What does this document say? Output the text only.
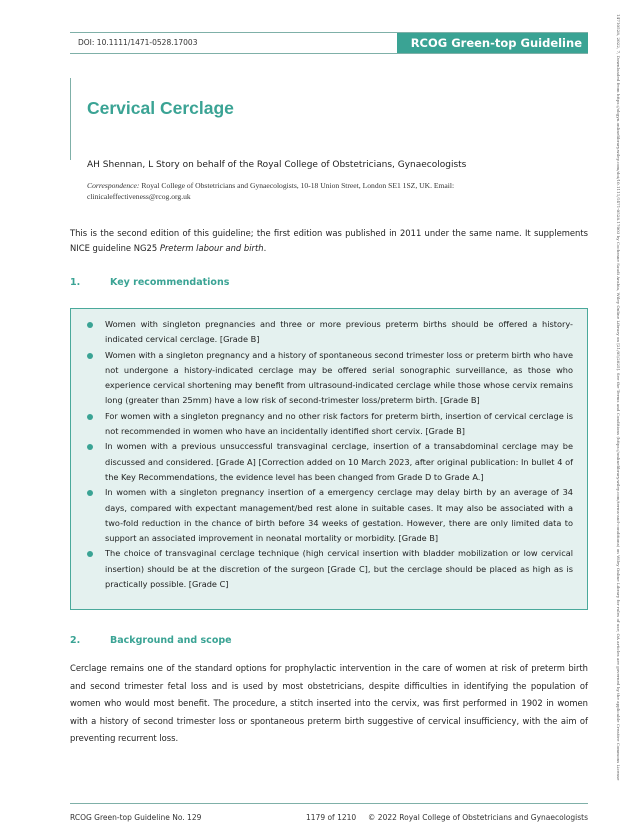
DOI: 10.1111/1471-0528.17003	RCOG Green-top Guideline	14710528, 2022, 7, Downloaded from https://obgyn.onlinelibrary.wiley.com/doi/10.1111/1471-0528.17003 by Cochrane Saudi Arabia, Wiley Online Library on [21/05/2025]. See the Terms and Conditions (https://onlinelibrary.wiley.com/terms-and-conditions) on Wiley Online Library for rules of use; OA articles are governed by the applicable Creative Commons License
Cervical Cerclage
AH Shennan, L Story on behalf of the Royal College of Obstetricians, Gynaecologists
Correspondence: Royal College of Obstetricians and Gynaecologists, 10-18 Union Street, London SE1 1SZ, UK. Email: clinicaleffectiveness@rcog.org.uk

This is the second edition of this guideline; the first edition was published in 2011 under the same name. It supplements NICE guideline NG25 Preterm labour and birth.

1.	Key recommendations
Women with singleton pregnancies and three or more previous preterm births should be offered a history-indicated cervical cerclage. [Grade B]
Women with a singleton pregnancy and a history of spontaneous second trimester loss or preterm birth who have not undergone a history-indicated cerclage may be offered serial sonographic surveillance, as those who experience cervical shortening may benefit from ultrasound-indicated cerclage while those whose cervix remains long (greater than 25mm) have a low risk of second-trimester loss/preterm birth. [Grade B]
For women with a singleton pregnancy and no other risk factors for preterm birth, insertion of cervical cerclage is not recommended in women who have an incidentally identified short cervix. [Grade B]
In women with a previous unsuccessful transvaginal cerclage, insertion of a transabdominal cerclage may be discussed and considered. [Grade A] [Correction added on 10 March 2023, after original publication: In bullet 4 of the Key Recommendations, the evidence level has been changed from Grade D to Grade A.]
In women with a singleton pregnancy insertion of a emergency cerclage may delay birth by an average of 34 days, compared with expectant management/bed rest alone in suitable cases. It may also be associated with a two-fold reduction in the chance of birth before 34 weeks of gestation. However, there are only limited data to support an associated improvement in neonatal mortality or morbidity. [Grade B]
The choice of transvaginal cerclage technique (high cervical insertion with bladder mobilization or low cervical insertion) should be at the discretion of the surgeon [Grade C], but the cerclage should be placed as high as is practically possible. [Grade C]
2.	Background and scope

Cerclage remains one of the standard options for prophylactic intervention in the care of women at risk of preterm birth and second trimester fetal loss and is used by most obstetricians, despite difficulties in identifying the population of women who would most benefit. The procedure, a stitch inserted into the cervix, was first performed in 1902 in women with a history of second trimester loss or spontaneous preterm birth suggestive of cervical insufficiency, with the aim of preventing recurrent loss.

RCOG Green-top Guideline No. 129	1179 of 1210 © 2022 Royal College of Obstetricians and Gynaecologists
